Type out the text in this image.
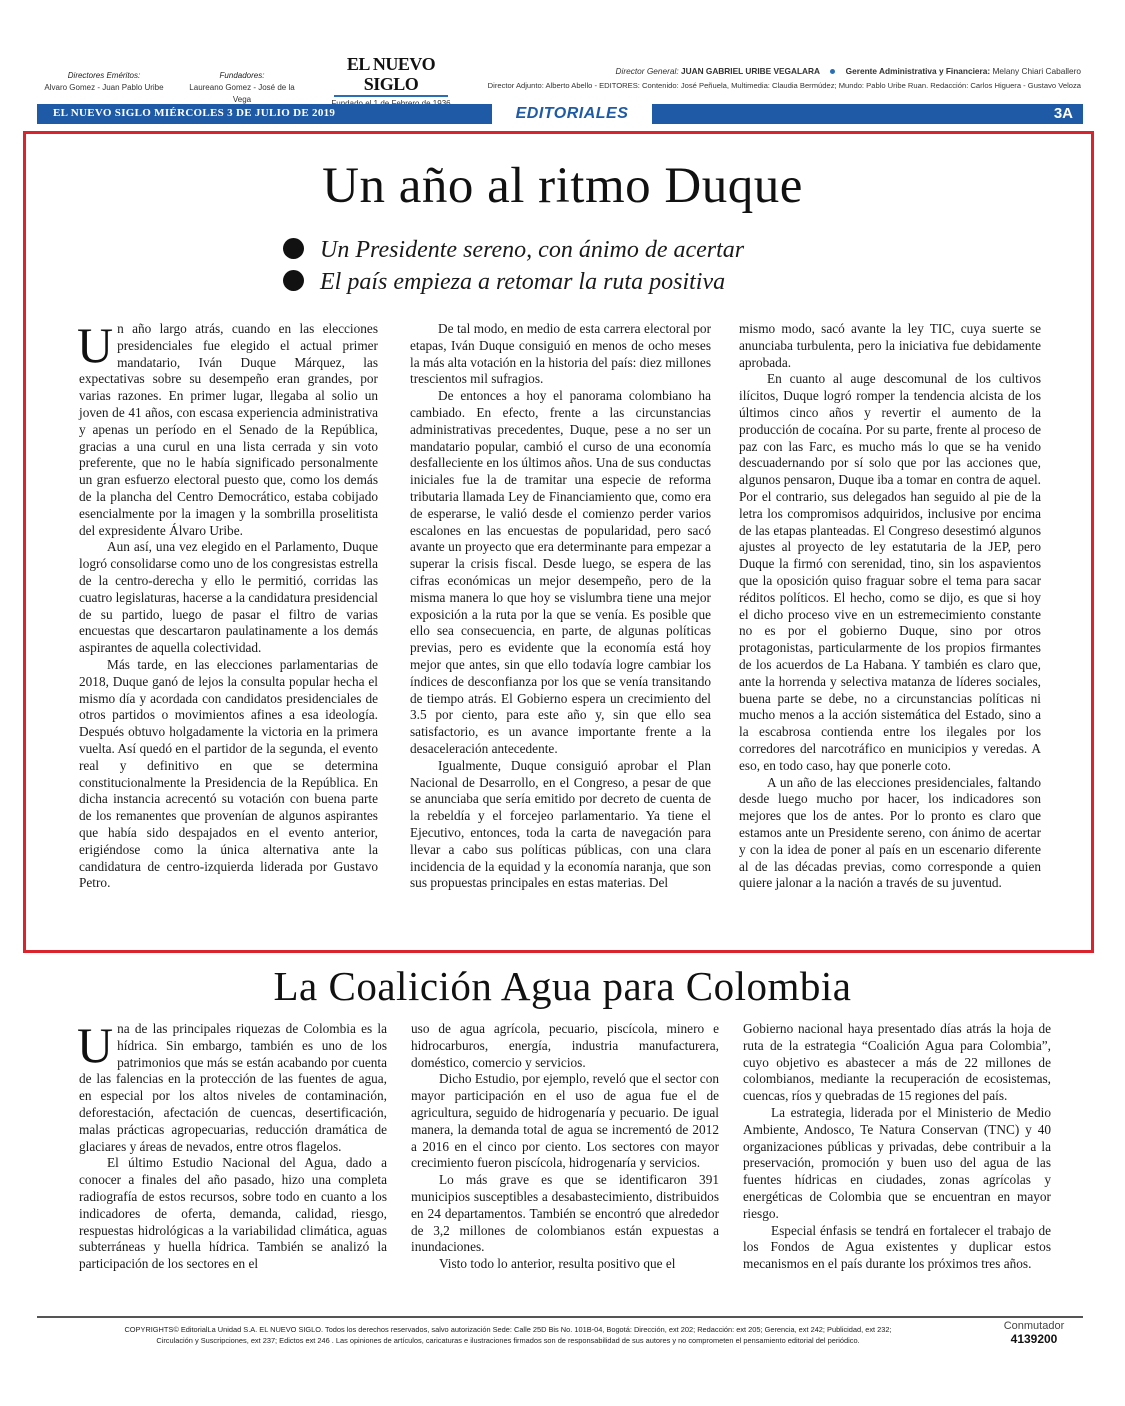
Directores Eméritos:
Alvaro Gomez - Juan Pablo Uribe
Fundadores:
Laureano Gomez - José de la Vega
EL NUEVO SIGLO
Director General: JUAN GABRIEL URIBE VEGALARA	Gerente Administrativa y Financiera: Melany Chiari Caballero
Director Adjunto: Alberto Abello - EDITORES: Contenido: José Peñuela, Multimedia: Claudia Bermúdez; Mundo: Pablo Uribe Ruan. Redacción: Carlos Higuera - Gustavo Veloza
EL NUEVO SIGLO MIÉRCOLES 3 DE JULIO DE 2019	EDITORIALES	3A
Un año al ritmo Duque
Un Presidente sereno, con ánimo de acertar
El país empieza a retomar la ruta positiva

Un año largo atrás, cuando en las elecciones presidenciales fue elegido el actual primer mandatario, Iván Duque Márquez, las expectativas sobre su desempeño eran grandes, por varias razones. En primer lugar, llegaba al solio un joven de 41 años, con escasa experiencia administrativa y apenas un período en el Senado de la República, gracias a una curul en una lista cerrada y sin voto preferente, que no le había significado personalmente un gran esfuerzo electoral puesto que, como los demás de la plancha del Centro Democrático, estaba cobijado esencialmente por la imagen y la sombrilla proselitista del expresidente Álvaro Uribe.

Aun así, una vez elegido en el Parlamento, Duque logró consolidarse como uno de los congresistas estrella de la centro-derecha y ello le permitió, corridas las cuatro legislaturas, hacerse a la candidatura presidencial de su partido, luego de pasar el filtro de varias encuestas que descartaron paulatinamente a los demás aspirantes de aquella colectividad.

Más tarde, en las elecciones parlamentarias de 2018, Duque ganó de lejos la consulta popular hecha el mismo día y acordada con candidatos presidenciales de otros partidos o movimientos afines a esa ideología. Después obtuvo holgadamente la victoria en la primera vuelta. Así quedó en el partidor de la segunda, el evento real y definitivo en que se determina constitucionalmente la Presidencia de la República. En dicha instancia acrecentó su votación con buena parte de los remanentes que provenían de algunos aspirantes que había sido despajados en el evento anterior, erigiéndose como la única alternativa ante la candidatura de centro-izquierda liderada por Gustavo Petro.

De tal modo, en medio de esta carrera electoral por etapas, Iván Duque consiguió en menos de ocho meses la más alta votación en la historia del país: diez millones trescientos mil sufragios.

De entonces a hoy el panorama colombiano ha cambiado. En efecto, frente a las circunstancias administrativas precedentes, Duque, pese a no ser un mandatario popular, cambió el curso de una economía desfalleciente en los últimos años. Una de sus conductas iniciales fue la de tramitar una especie de reforma tributaria llamada Ley de Financiamiento que, como era de esperarse, le valió desde el comienzo perder varios escalones en las encuestas de popularidad, pero sacó avante un proyecto que era determinante para empezar a superar la crisis fiscal. Desde luego, se espera de las cifras económicas un mejor desempeño, pero de la misma manera lo que hoy se vislumbra tiene una mejor exposición a la ruta por la que se venía. Es posible que ello sea consecuencia, en parte, de algunas políticas previas, pero es evidente que la economía está hoy mejor que antes, sin que ello todavía logre cambiar los índices de desconfianza por los que se venía transitando de tiempo atrás. El Gobierno espera un crecimiento del 3.5 por ciento, para este año y, sin que ello sea satisfactorio, es un avance importante frente a la desaceleración antecedente.

Igualmente, Duque consiguió aprobar el Plan Nacional de Desarrollo, en el Congreso, a pesar de que se anunciaba que sería emitido por decreto de cuenta de la rebeldía y el forcejeo parlamentario. Ya tiene el Ejecutivo, entonces, toda la carta de navegación para llevar a cabo sus políticas públicas, con una clara incidencia de la equidad y la economía naranja, que son sus propuestas principales en estas materias. Del

mismo modo, sacó avante la ley TIC, cuya suerte se anunciaba turbulenta, pero la iniciativa fue debidamente aprobada.

En cuanto al auge descomunal de los cultivos ilícitos, Duque logró romper la tendencia alcista de los últimos cinco años y revertir el aumento de la producción de cocaína. Por su parte, frente al proceso de paz con las Farc, es mucho más lo que se ha venido descuadernando por sí solo que por las acciones que, algunos pensaron, Duque iba a tomar en contra de aquel. Por el contrario, sus delegados han seguido al pie de la letra los compromisos adquiridos, inclusive por encima de las etapas planteadas. El Congreso desestimó algunos ajustes al proyecto de ley estatutaria de la JEP, pero Duque la firmó con serenidad, tino, sin los aspavientos que la oposición quiso fraguar sobre el tema para sacar réditos políticos. El hecho, como se dijo, es que si hoy el dicho proceso vive en un estremecimiento constante no es por el gobierno Duque, sino por otros protagonistas, particularmente de los propios firmantes de los acuerdos de La Habana. Y también es claro que, ante la horrenda y selectiva matanza de líderes sociales, buena parte se debe, no a circunstancias políticas ni mucho menos a la acción sistemática del Estado, sino a la escabrosa contienda entre los ilegales por los corredores del narcotráfico en municipios y veredas. A eso, en todo caso, hay que ponerle coto.

A un año de las elecciones presidenciales, faltando desde luego mucho por hacer, los indicadores son mejores que los de antes. Por lo pronto es claro que estamos ante un Presidente sereno, con ánimo de acertar y con la idea de poner al país en un escenario diferente al de las décadas previas, como corresponde a quien quiere jalonar a la nación a través de su juventud.

La Coalición Agua para Colombia

Una de las principales riquezas de Colombia es la hídrica. Sin embargo, también es uno de los patrimonios que más se están acabando por cuenta de las falencias en la protección de las fuentes de agua, en especial por los altos niveles de contaminación, deforestación, afectación de cuencas, desertificación, malas prácticas agropecuarias, reducción dramática de glaciares y áreas de nevados, entre otros flagelos.

El último Estudio Nacional del Agua, dado a conocer a finales del año pasado, hizo una completa radiografía de estos recursos, sobre todo en cuanto a los indicadores de oferta, demanda, calidad, riesgo, respuestas hidrológicas a la variabilidad climática, aguas subterráneas y huella hídrica. También se analizó la participación de los sectores en el

uso de agua agrícola, pecuario, piscícola, minero e hidrocarburos, energía, industria manufacturera, doméstico, comercio y servicios.

Dicho Estudio, por ejemplo, reveló que el sector con mayor participación en el uso de agua fue el de agricultura, seguido de hidrogenaría y pecuario. De igual manera, la demanda total de agua se incrementó de 2012 a 2016 en el cinco por ciento. Los sectores con mayor crecimiento fueron piscícola, hidrogenaría y servicios.

Lo más grave es que se identificaron 391 municipios susceptibles a desabastecimiento, distribuidos en 24 departamentos. También se encontró que alrededor de 3,2 millones de colombianos están expuestas a inundaciones.

Visto todo lo anterior, resulta positivo que el

Gobierno nacional haya presentado días atrás la hoja de ruta de la estrategia “Coalición Agua para Colombia”, cuyo objetivo es abastecer a más de 22 millones de colombianos, mediante la recuperación de ecosistemas, cuencas, ríos y quebradas de 15 regiones del país.

La estrategia, liderada por el Ministerio de Medio Ambiente, Andosco, Te Natura Conservan (TNC) y 40 organizaciones públicas y privadas, debe contribuir a la preservación, promoción y buen uso del agua de las fuentes hídricas en ciudades, zonas agrícolas y energéticas de Colombia que se encuentran en mayor riesgo.

Especial énfasis se tendrá en fortalecer el trabajo de los Fondos de Agua existentes y duplicar estos mecanismos en el país durante los próximos tres años.

COPYRIGHTS© EditorialLa Unidad S.A. EL NUEVO SIGLO. Todos los derechos reservados, salvo autorización Sede: Calle 25D Bis No. 101B-04, Bogotá: Dirección, ext 202; Redacción: ext 205; Gerencia, ext 242; Publicidad, ext 232;
Circulación y Suscripciones, ext 237; Edictos ext 246 . Las opiniones de artículos, caricaturas e ilustraciones firmados son de responsabilidad de sus autores y no comprometen el pensamiento editorial del periódico.
Conmutador
4139200
